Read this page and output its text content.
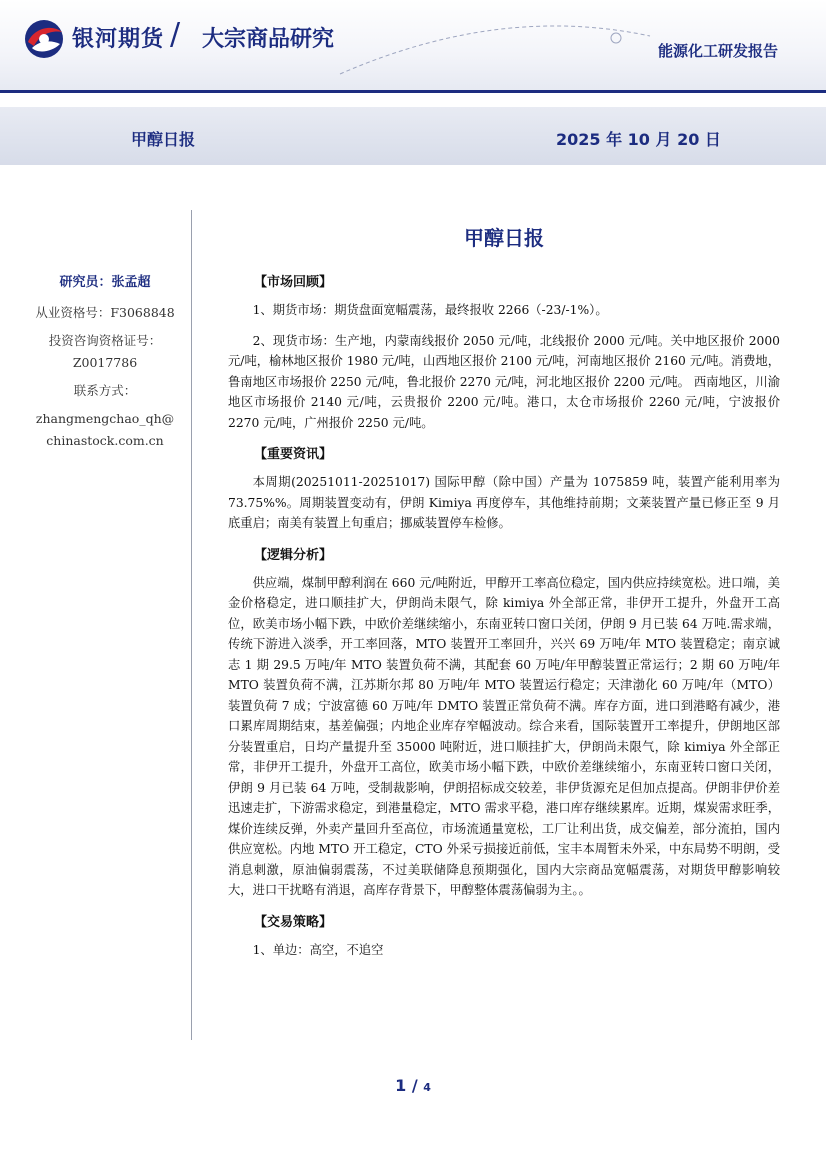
银河期货 / 大宗商品研究	能源化工研发报告
甲醇日报	2025 年 10 月 20 日
研究员：张孟超

从业资格号：F3068848

投资咨询资格证号：

Z0017786

联系方式：

zhangmengchao_qh@

chinastock.com.cn

甲醇日报
【市场回顾】

1、期货市场：期货盘面宽幅震荡，最终报收 2266（-23/-1%）。

2、现货市场：生产地，内蒙南线报价 2050 元/吨，北线报价 2000 元/吨。关中地区报价 2000 元/吨，榆林地区报价 1980 元/吨，山西地区报价 2100 元/吨，河南地区报价 2160 元/吨。消费地，鲁南地区市场报价 2250 元/吨，鲁北报价 2270 元/吨，河北地区报价 2200 元/吨。 西南地区，川渝地区市场报价 2140 元/吨，云贵报价 2200 元/吨。港口，太仓市场报价 2260 元/吨，宁波报价 2270 元/吨，广州报价 2250 元/吨。

【重要资讯】

本周期(20251011-20251017) 国际甲醇（除中国）产量为 1075859 吨，装置产能利用率为 73.75%%。周期装置变动有，伊朗 Kimiya 再度停车，其他维持前期；文莱装置产量已修正至 9 月底重启；南美有装置上旬重启；挪威装置停车检修。

【逻辑分析】

供应端，煤制甲醇利润在 660 元/吨附近，甲醇开工率高位稳定，国内供应持续宽松。进口端，美金价格稳定，进口顺挂扩大，伊朗尚未限气，除 kimiya 外全部正常，非伊开工提升，外盘开工高位，欧美市场小幅下跌，中欧价差继续缩小，东南亚转口窗口关闭，伊朗 9 月已装 64 万吨.需求端，传统下游进入淡季，开工率回落，MTO 装置开工率回升，兴兴 69 万吨/年 MTO 装置稳定；南京诚志 1 期 29.5 万吨/年 MTO 装置负荷不满，其配套 60 万吨/年甲醇装置正常运行；2 期 60 万吨/年 MTO 装置负荷不满，江苏斯尔邦 80 万吨/年 MTO 装置运行稳定；天津渤化 60 万吨/年（MTO）装置负荷 7 成；宁波富德 60 万吨/年 DMTO 装置正常负荷不满。库存方面，进口到港略有减少，港口累库周期结束，基差偏强；内地企业库存窄幅波动。综合来看，国际装置开工率提升，伊朗地区部分装置重启，日均产量提升至 35000 吨附近，进口顺挂扩大，伊朗尚未限气，除 kimiya 外全部正常，非伊开工提升，外盘开工高位，欧美市场小幅下跌，中欧价差继续缩小，东南亚转口窗口关闭，伊朗 9 月已装 64 万吨，受制裁影响，伊朗招标成交较差，非伊货源充足但加点提高。伊朗非伊价差迅速走扩，下游需求稳定，到港量稳定，MTO 需求平稳，港口库存继续累库。近期，煤炭需求旺季，煤价连续反弹，外卖产量回升至高位，市场流通量宽松，工厂让利出货，成交偏差，部分流拍，国内供应宽松。内地 MTO 开工稳定，CTO 外采亏损接近前低，宝丰本周暂未外采，中东局势不明朗，受消息刺激，原油偏弱震荡，不过美联储降息预期强化，国内大宗商品宽幅震荡，对期货甲醇影响较大，进口干扰略有消退，高库存背景下，甲醇整体震荡偏弱为主。。

【交易策略】

1、单边：高空，不追空

1 / 4
